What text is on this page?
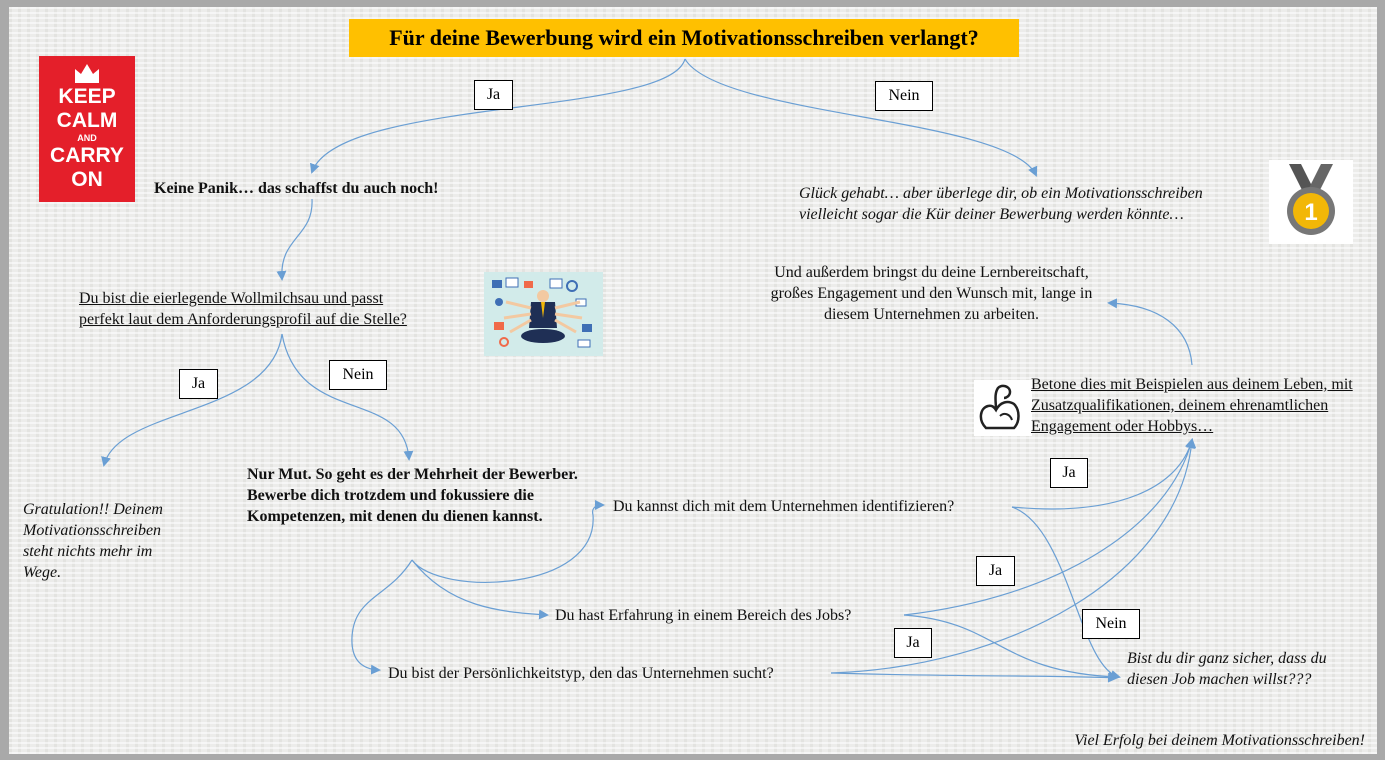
Für deine Bewerbung wird ein Motivationsschreiben verlangt?
KEEP
CALM
AND
CARRY
ON
1
Ja	Nein
Ja
Nein
Ja
Ja
Nein
Ja
Keine Panik… das schaffst du auch noch!	Glück gehabt… aber überlege dir, ob ein Motivationsschreiben vielleicht sogar die Kür deiner Bewerbung werden könnte…
Du bist die eierlegende Wollmilchsau und passt perfekt laut dem Anforderungsprofil auf die Stelle?
Und außerdem bringst du deine Lernbereitschaft, großes Engagement und den Wunsch mit, lange in diesem Unternehmen zu arbeiten.
Betone dies mit Beispielen aus deinem Leben, mit Zusatzqualifikationen, deinem ehrenamtlichen Engagement oder Hobbys…
Gratulation!! Deinem Motivationsschreiben steht nichts mehr im Wege.
Nur Mut. So geht es der Mehrheit der Bewerber. Bewerbe dich trotzdem und fokussiere die Kompetenzen, mit denen du dienen kannst.
Du kannst dich mit dem Unternehmen identifizieren?
Du hast Erfahrung in einem Bereich des Jobs?
Du bist der Persönlichkeitstyp, den das Unternehmen sucht?
Bist du dir ganz sicher, dass du diesen Job machen willst???
Viel Erfolg bei deinem Motivationsschreiben!
